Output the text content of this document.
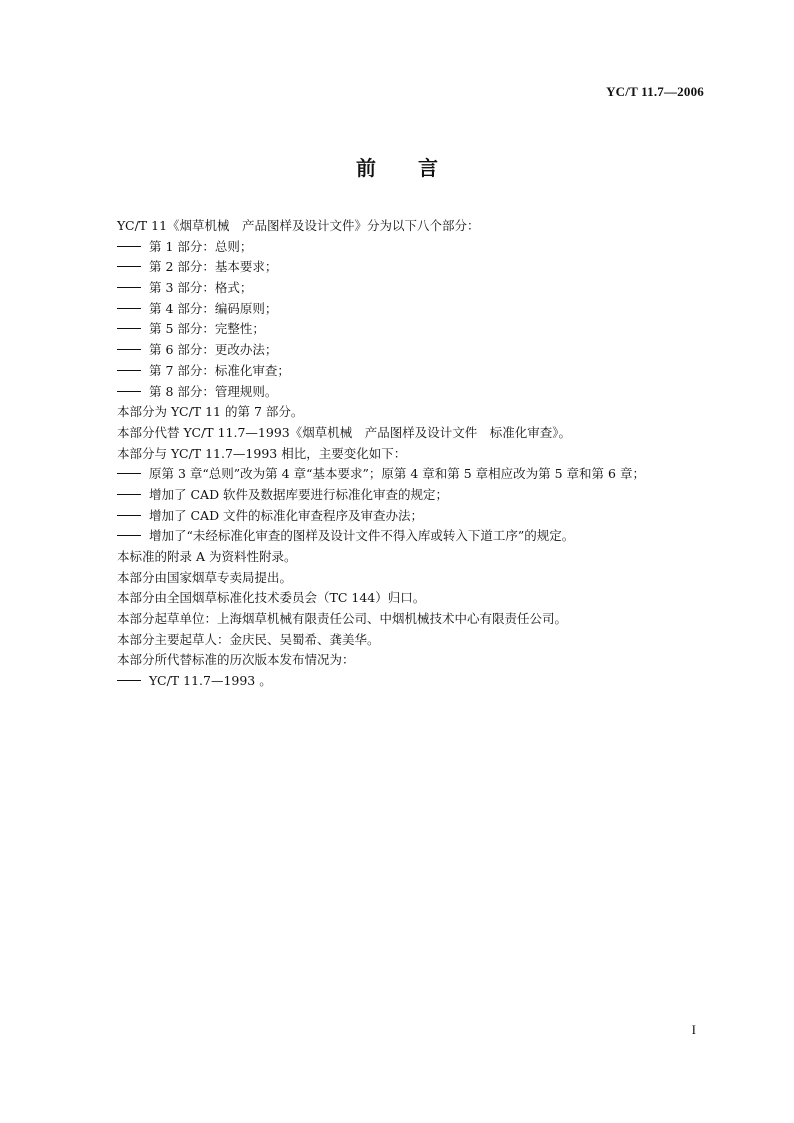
YC/T 11.7—2006
前言
YC/T 11《烟草机械　产品图样及设计文件》分为以下八个部分：
第 1 部分：总则；
第 2 部分：基本要求；
第 3 部分：格式；
第 4 部分：编码原则；
第 5 部分：完整性；
第 6 部分：更改办法；
第 7 部分：标准化审查；
第 8 部分：管理规则。
本部分为 YC/T 11 的第 7 部分。
本部分代替 YC/T 11.7—1993《烟草机械　产品图样及设计文件　标准化审查》。
本部分与 YC/T 11.7—1993 相比，主要变化如下：
原第 3 章“总则”改为第 4 章“基本要求”；原第 4 章和第 5 章相应改为第 5 章和第 6 章；
增加了 CAD 软件及数据库要进行标准化审查的规定；
增加了 CAD 文件的标准化审查程序及审查办法；
增加了“未经标准化审查的图样及设计文件不得入库或转入下道工序”的规定。
本标准的附录 A 为资料性附录。
本部分由国家烟草专卖局提出。
本部分由全国烟草标准化技术委员会（TC 144）归口。
本部分起草单位：上海烟草机械有限责任公司、中烟机械技术中心有限责任公司。
本部分主要起草人：金庆民、吴蜀希、龚美华。
本部分所代替标准的历次版本发布情况为：
YC/T 11.7—1993 。
I
